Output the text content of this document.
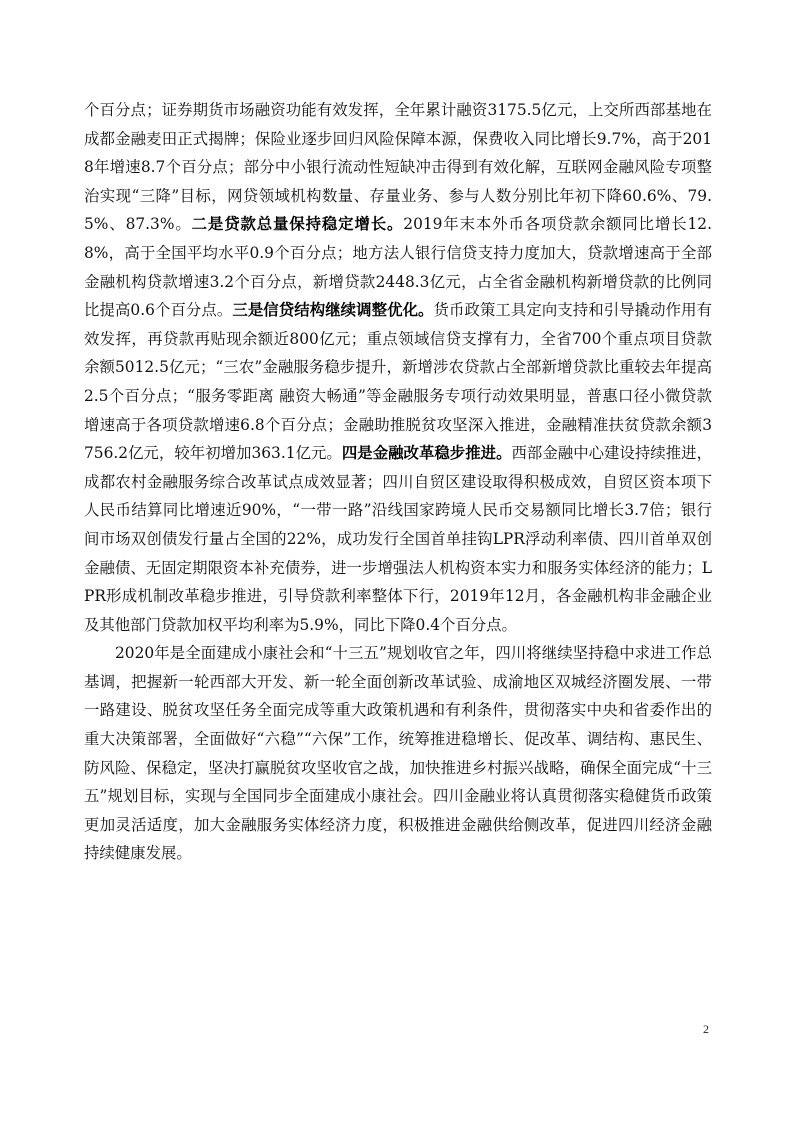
个百分点；证券期货市场融资功能有效发挥，全年累计融资3175.5亿元，上交所西部基地在成都金融麦田正式揭牌；保险业逐步回归风险保障本源，保费收入同比增长9.7%，高于2018年增速8.7个百分点；部分中小银行流动性短缺冲击得到有效化解，互联网金融风险专项整治实现“三降”目标，网贷领域机构数量、存量业务、参与人数分别比年初下降60.6%、79.5%、87.3%。二是贷款总量保持稳定增长。2019年末本外币各项贷款余额同比增长12.8%，高于全国平均水平0.9个百分点；地方法人银行信贷支持力度加大，贷款增速高于全部金融机构贷款增速3.2个百分点，新增贷款2448.3亿元，占全省金融机构新增贷款的比例同比提高0.6个百分点。三是信贷结构继续调整优化。货币政策工具定向支持和引导撬动作用有效发挥，再贷款再贴现余额近800亿元；重点领域信贷支撑有力，全省700个重点项目贷款余额5012.5亿元；“三农”金融服务稳步提升，新增涉农贷款占全部新增贷款比重较去年提高2.5个百分点；“服务零距离 融资大畅通”等金融服务专项行动效果明显，普惠口径小微贷款增速高于各项贷款增速6.8个百分点；金融助推脱贫攻坚深入推进，金融精准扶贫贷款余额3756.2亿元，较年初增加363.1亿元。四是金融改革稳步推进。西部金融中心建设持续推进，成都农村金融服务综合改革试点成效显著；四川自贸区建设取得积极成效，自贸区资本项下人民币结算同比增速近90%，“一带一路”沿线国家跨境人民币交易额同比增长3.7倍；银行间市场双创债发行量占全国的22%，成功发行全国首单挂钩LPR浮动利率债、四川首单双创金融债、无固定期限资本补充债券，进一步增强法人机构资本实力和服务实体经济的能力；LPR形成机制改革稳步推进，引导贷款利率整体下行，2019年12月，各金融机构非金融企业及其他部门贷款加权平均利率为5.9%，同比下降0.4个百分点。

2020年是全面建成小康社会和“十三五”规划收官之年，四川将继续坚持稳中求进工作总基调，把握新一轮西部大开发、新一轮全面创新改革试验、成渝地区双城经济圈发展、一带一路建设、脱贫攻坚任务全面完成等重大政策机遇和有利条件，贯彻落实中央和省委作出的重大决策部署，全面做好“六稳”“六保”工作，统筹推进稳增长、促改革、调结构、惠民生、防风险、保稳定，坚决打赢脱贫攻坚收官之战，加快推进乡村振兴战略，确保全面完成“十三五”规划目标，实现与全国同步全面建成小康社会。四川金融业将认真贯彻落实稳健货币政策更加灵活适度，加大金融服务实体经济力度，积极推进金融供给侧改革，促进四川经济金融持续健康发展。

2
